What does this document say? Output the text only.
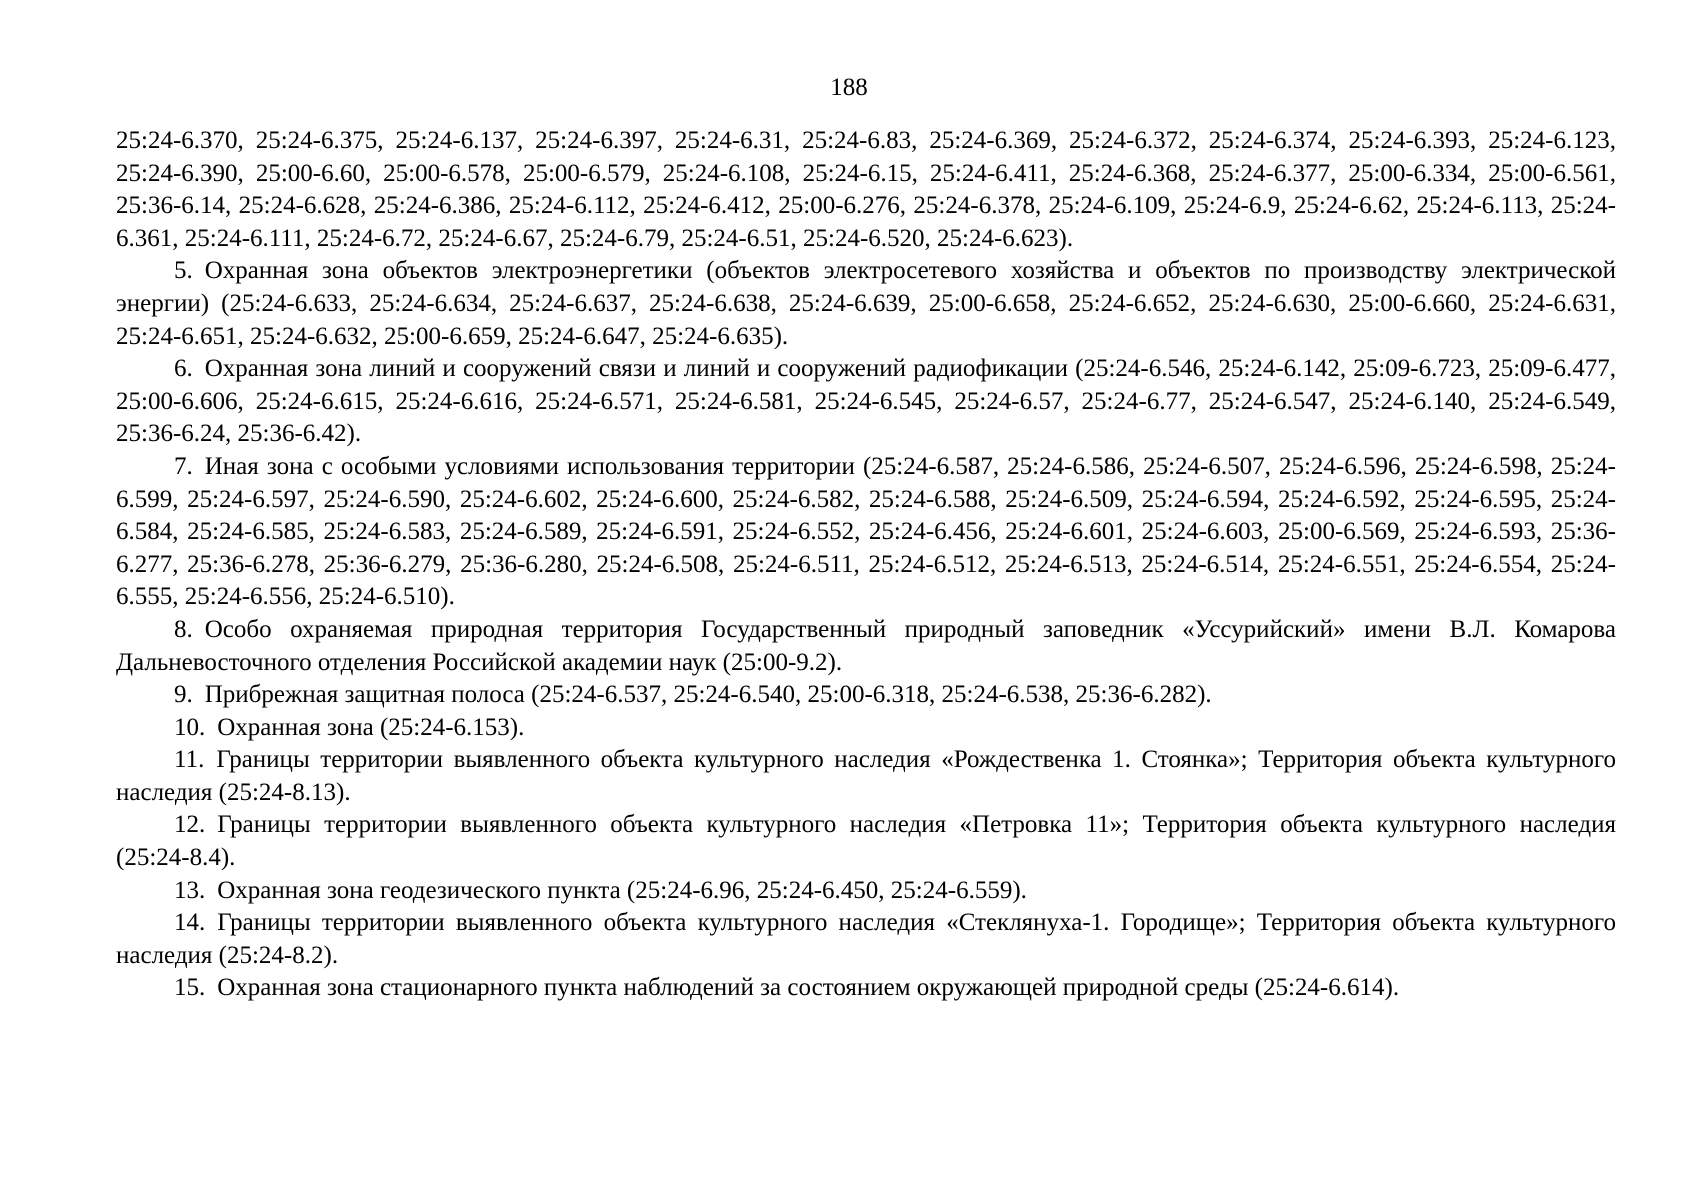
188

25:24-6.370, 25:24-6.375, 25:24-6.137, 25:24-6.397, 25:24-6.31, 25:24-6.83, 25:24-6.369, 25:24-6.372, 25:24-6.374, 25:24-6.393, 25:24-6.123, 25:24-6.390, 25:00-6.60, 25:00-6.578, 25:00-6.579, 25:24-6.108, 25:24-6.15, 25:24-6.411, 25:24-6.368, 25:24-6.377, 25:00-6.334, 25:00-6.561, 25:36-6.14, 25:24-6.628, 25:24-6.386, 25:24-6.112, 25:24-6.412, 25:00-6.276, 25:24-6.378, 25:24-6.109, 25:24-6.9, 25:24-6.62, 25:24-6.113, 25:24-6.361, 25:24-6.111, 25:24-6.72, 25:24-6.67, 25:24-6.79, 25:24-6.51, 25:24-6.520, 25:24-6.623).

5. Охранная зона объектов электроэнергетики (объектов электросетевого хозяйства и объектов по производству электрической энергии) (25:24-6.633, 25:24-6.634, 25:24-6.637, 25:24-6.638, 25:24-6.639, 25:00-6.658, 25:24-6.652, 25:24-6.630, 25:00-6.660, 25:24-6.631, 25:24-6.651, 25:24-6.632, 25:00-6.659, 25:24-6.647, 25:24-6.635).

6. Охранная зона линий и сооружений связи и линий и сооружений радиофикации (25:24-6.546, 25:24-6.142, 25:09-6.723, 25:09-6.477, 25:00-6.606, 25:24-6.615, 25:24-6.616, 25:24-6.571, 25:24-6.581, 25:24-6.545, 25:24-6.57, 25:24-6.77, 25:24-6.547, 25:24-6.140, 25:24-6.549, 25:36-6.24, 25:36-6.42).

7. Иная зона с особыми условиями использования территории (25:24-6.587, 25:24-6.586, 25:24-6.507, 25:24-6.596, 25:24-6.598, 25:24-6.599, 25:24-6.597, 25:24-6.590, 25:24-6.602, 25:24-6.600, 25:24-6.582, 25:24-6.588, 25:24-6.509, 25:24-6.594, 25:24-6.592, 25:24-6.595, 25:24-6.584, 25:24-6.585, 25:24-6.583, 25:24-6.589, 25:24-6.591, 25:24-6.552, 25:24-6.456, 25:24-6.601, 25:24-6.603, 25:00-6.569, 25:24-6.593, 25:36-6.277, 25:36-6.278, 25:36-6.279, 25:36-6.280, 25:24-6.508, 25:24-6.511, 25:24-6.512, 25:24-6.513, 25:24-6.514, 25:24-6.551, 25:24-6.554, 25:24-6.555, 25:24-6.556, 25:24-6.510).

8. Особо охраняемая природная территория Государственный природный заповедник «Уссурийский» имени В.Л. Комарова Дальневосточного отделения Российской академии наук (25:00-9.2).

9. Прибрежная защитная полоса (25:24-6.537, 25:24-6.540, 25:00-6.318, 25:24-6.538, 25:36-6.282).

10. Охранная зона (25:24-6.153).

11. Границы территории выявленного объекта культурного наследия «Рождественка 1. Стоянка»; Территория объекта культурного наследия (25:24-8.13).

12. Границы территории выявленного объекта культурного наследия «Петровка 11»; Территория объекта культурного наследия (25:24-8.4).

13. Охранная зона геодезического пункта (25:24-6.96, 25:24-6.450, 25:24-6.559).

14. Границы территории выявленного объекта культурного наследия «Стеклянуха-1. Городище»; Территория объекта культурного наследия (25:24-8.2).

15. Охранная зона стационарного пункта наблюдений за состоянием окружающей природной среды (25:24-6.614).
